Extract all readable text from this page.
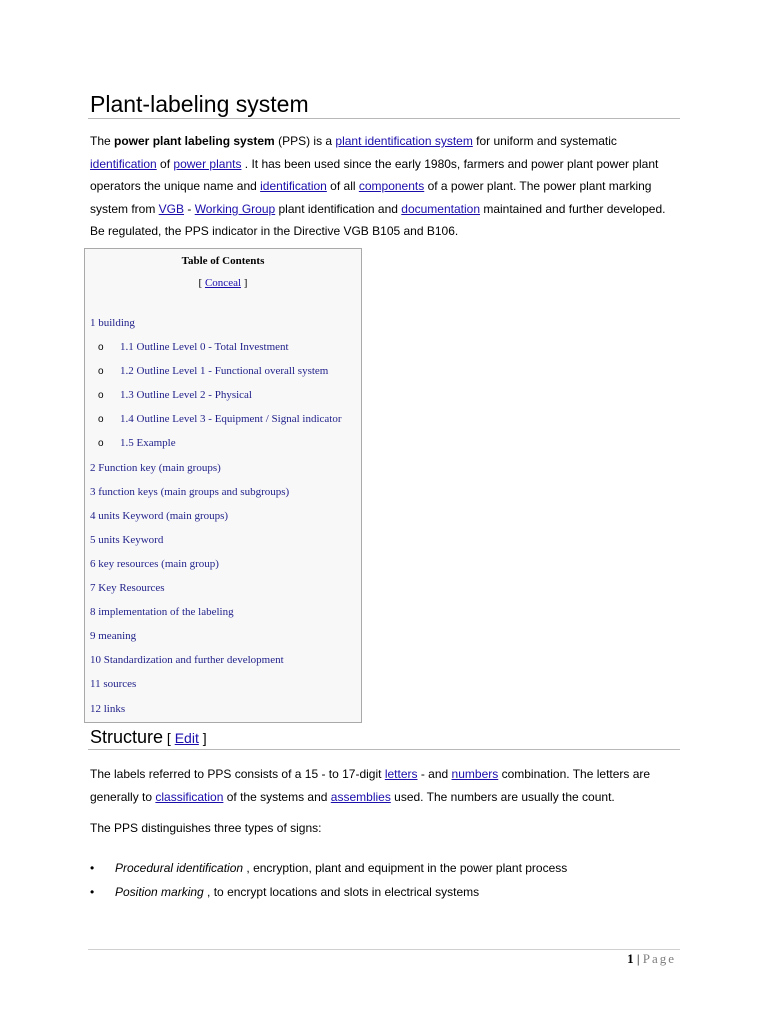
Plant-labeling system

The power plant labeling system (PPS) is a plant identification system for uniform and systematic identification of power plants . It has been used since the early 1980s, farmers and power plant power plant operators the unique name and identification of all components of a power plant. The power plant marking system from VGB - Working Group plant identification and documentation maintained and further developed. Be regulated, the PPS indicator in the Directive VGB B105 and B106.

Table of Contents
[ Conceal ]
1 building
o 1.1 Outline Level 0 - Total Investment
o 1.2 Outline Level 1 - Functional overall system
o 1.3 Outline Level 2 - Physical
o 1.4 Outline Level 3 - Equipment / Signal indicator
o 1.5 Example
2 Function key (main groups)
3 function keys (main groups and subgroups)
4 units Keyword (main groups)
5 units Keyword
6 key resources (main group)
7 Key Resources
8 implementation of the labeling
9 meaning
10 Standardization and further development
11 sources
12 links
Structure [ Edit ]

The labels referred to PPS consists of a 15 - to 17-digit letters - and numbers combination. The letters are generally to classification of the systems and assemblies used. The numbers are usually the count.

The PPS distinguishes three types of signs:

• Procedural identification , encryption, plant and equipment in the power plant process
• Position marking , to encrypt locations and slots in electrical systems
1 | Page
